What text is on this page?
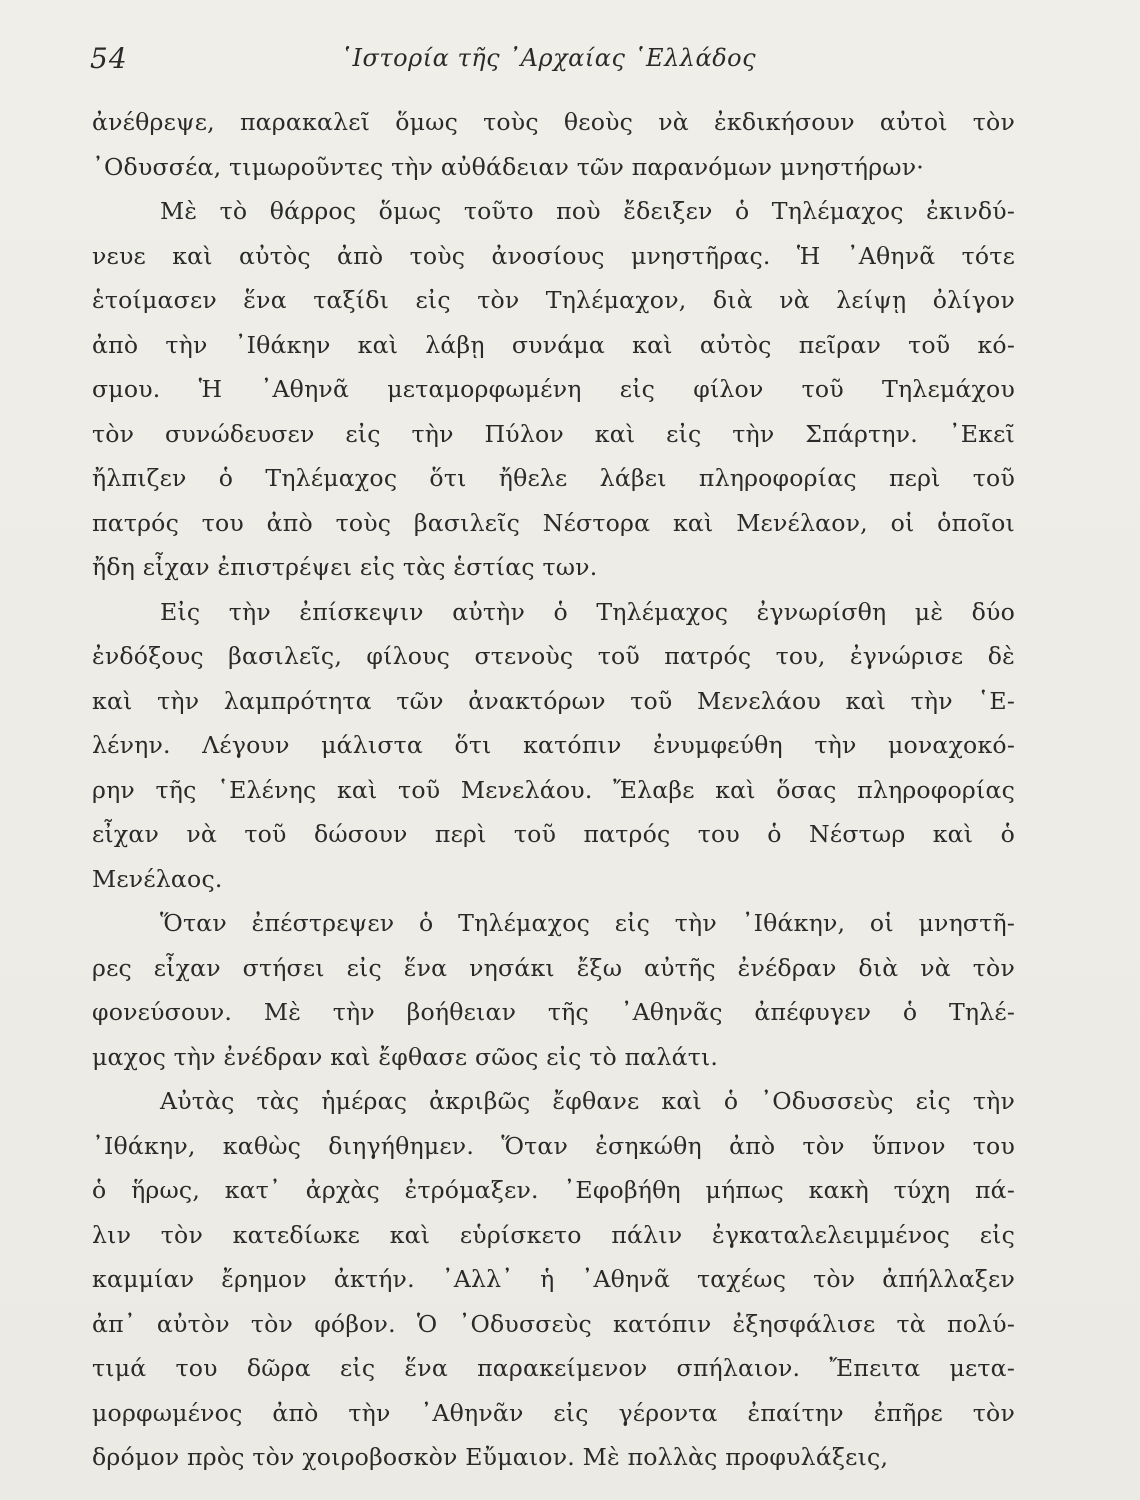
54	῾Ιστορία τῆς ᾿Αρχαίας ῾Ελλάδος
ἀνέθρεψε, παρακαλεῖ ὅμως τοὺς θεοὺς νὰ ἐκδικήσουν αὐτοὶ τὸν
᾿Οδυσσέα, τιμωροῦντες τὴν αὐθάδειαν τῶν παρανόμων μνηστήρων·
Μὲ τὸ θάρρος ὅμως τοῦτο ποὺ ἔδειξεν ὁ Τηλέμαχος ἐκινδύ-
νευε καὶ αὐτὸς ἀπὸ τοὺς ἀνοσίους μνηστῆρας. Ἡ ᾿Αθηνᾶ τότε
ἑτοίμασεν ἕνα ταξίδι εἰς τὸν Τηλέμαχον, διὰ νὰ λείψῃ ὀλίγον
ἀπὸ τὴν ᾿Ιθάκην καὶ λάβῃ συνάμα καὶ αὐτὸς πεῖραν τοῦ κό-
σμου. Ἡ ᾿Αθηνᾶ μεταμορφωμένη εἰς φίλον τοῦ Τηλεμάχου
τὸν συνώδευσεν εἰς τὴν Πύλον καὶ εἰς τὴν Σπάρτην. ᾿Εκεῖ
ἤλπιζεν ὁ Τηλέμαχος ὅτι ἤθελε λάβει πληροφορίας περὶ τοῦ
πατρός του ἀπὸ τοὺς βασιλεῖς Νέστορα καὶ Μενέλαον, οἱ ὁποῖοι
ἤδη εἶχαν ἐπιστρέψει εἰς τὰς ἑστίας των.
Εἰς τὴν ἐπίσκεψιν αὐτὴν ὁ Τηλέμαχος ἐγνωρίσθη μὲ δύο
ἐνδόξους βασιλεῖς, φίλους στενοὺς τοῦ πατρός του, ἐγνώρισε δὲ
καὶ τὴν λαμπρότητα τῶν ἀνακτόρων τοῦ Μενελάου καὶ τὴν ῾Ε-
λένην. Λέγουν μάλιστα ὅτι κατόπιν ἐνυμφεύθη τὴν μοναχοκό-
ρην τῆς ῾Ελένης καὶ τοῦ Μενελάου. Ἔλαβε καὶ ὅσας πληροφορίας
εἶχαν νὰ τοῦ δώσουν περὶ τοῦ πατρός του ὁ Νέστωρ καὶ ὁ
Μενέλαος.
Ὅταν ἐπέστρεψεν ὁ Τηλέμαχος εἰς τὴν ᾿Ιθάκην, οἱ μνηστῆ-
ρες εἶχαν στήσει εἰς ἕνα νησάκι ἔξω αὐτῆς ἐνέδραν διὰ νὰ τὸν
φονεύσουν. Μὲ τὴν βοήθειαν τῆς ᾿Αθηνᾶς ἀπέφυγεν ὁ Τηλέ-
μαχος τὴν ἐνέδραν καὶ ἔφθασε σῶος εἰς τὸ παλάτι.
Αὐτὰς τὰς ἡμέρας ἀκριβῶς ἔφθανε καὶ ὁ ᾿Οδυσσεὺς εἰς τὴν
᾿Ιθάκην, καθὼς διηγήθημεν. Ὅταν ἐσηκώθη ἀπὸ τὸν ὕπνον του
ὁ ἥρως, κατ᾿ ἀρχὰς ἐτρόμαξεν. ᾿Εφοβήθη μήπως κακὴ τύχη πά-
λιν τὸν κατεδίωκε καὶ εὑρίσκετο πάλιν ἐγκαταλελειμμένος εἰς
καμμίαν ἔρημον ἀκτήν. ᾿Αλλ᾿ ἡ ᾿Αθηνᾶ ταχέως τὸν ἀπήλλαξεν
ἀπ᾿ αὐτὸν τὸν φόβον. Ὁ ᾿Οδυσσεὺς κατόπιν ἐξησφάλισε τὰ πολύ-
τιμά του δῶρα εἰς ἕνα παρακείμενον σπήλαιον. Ἔπειτα μετα-
μορφωμένος ἀπὸ τὴν ᾿Αθηνᾶν εἰς γέροντα ἐπαίτην ἐπῆρε τὸν
δρόμον πρὸς τὸν χοιροβοσκὸν Εὔμαιον. Μὲ πολλὰς προφυλάξεις,
